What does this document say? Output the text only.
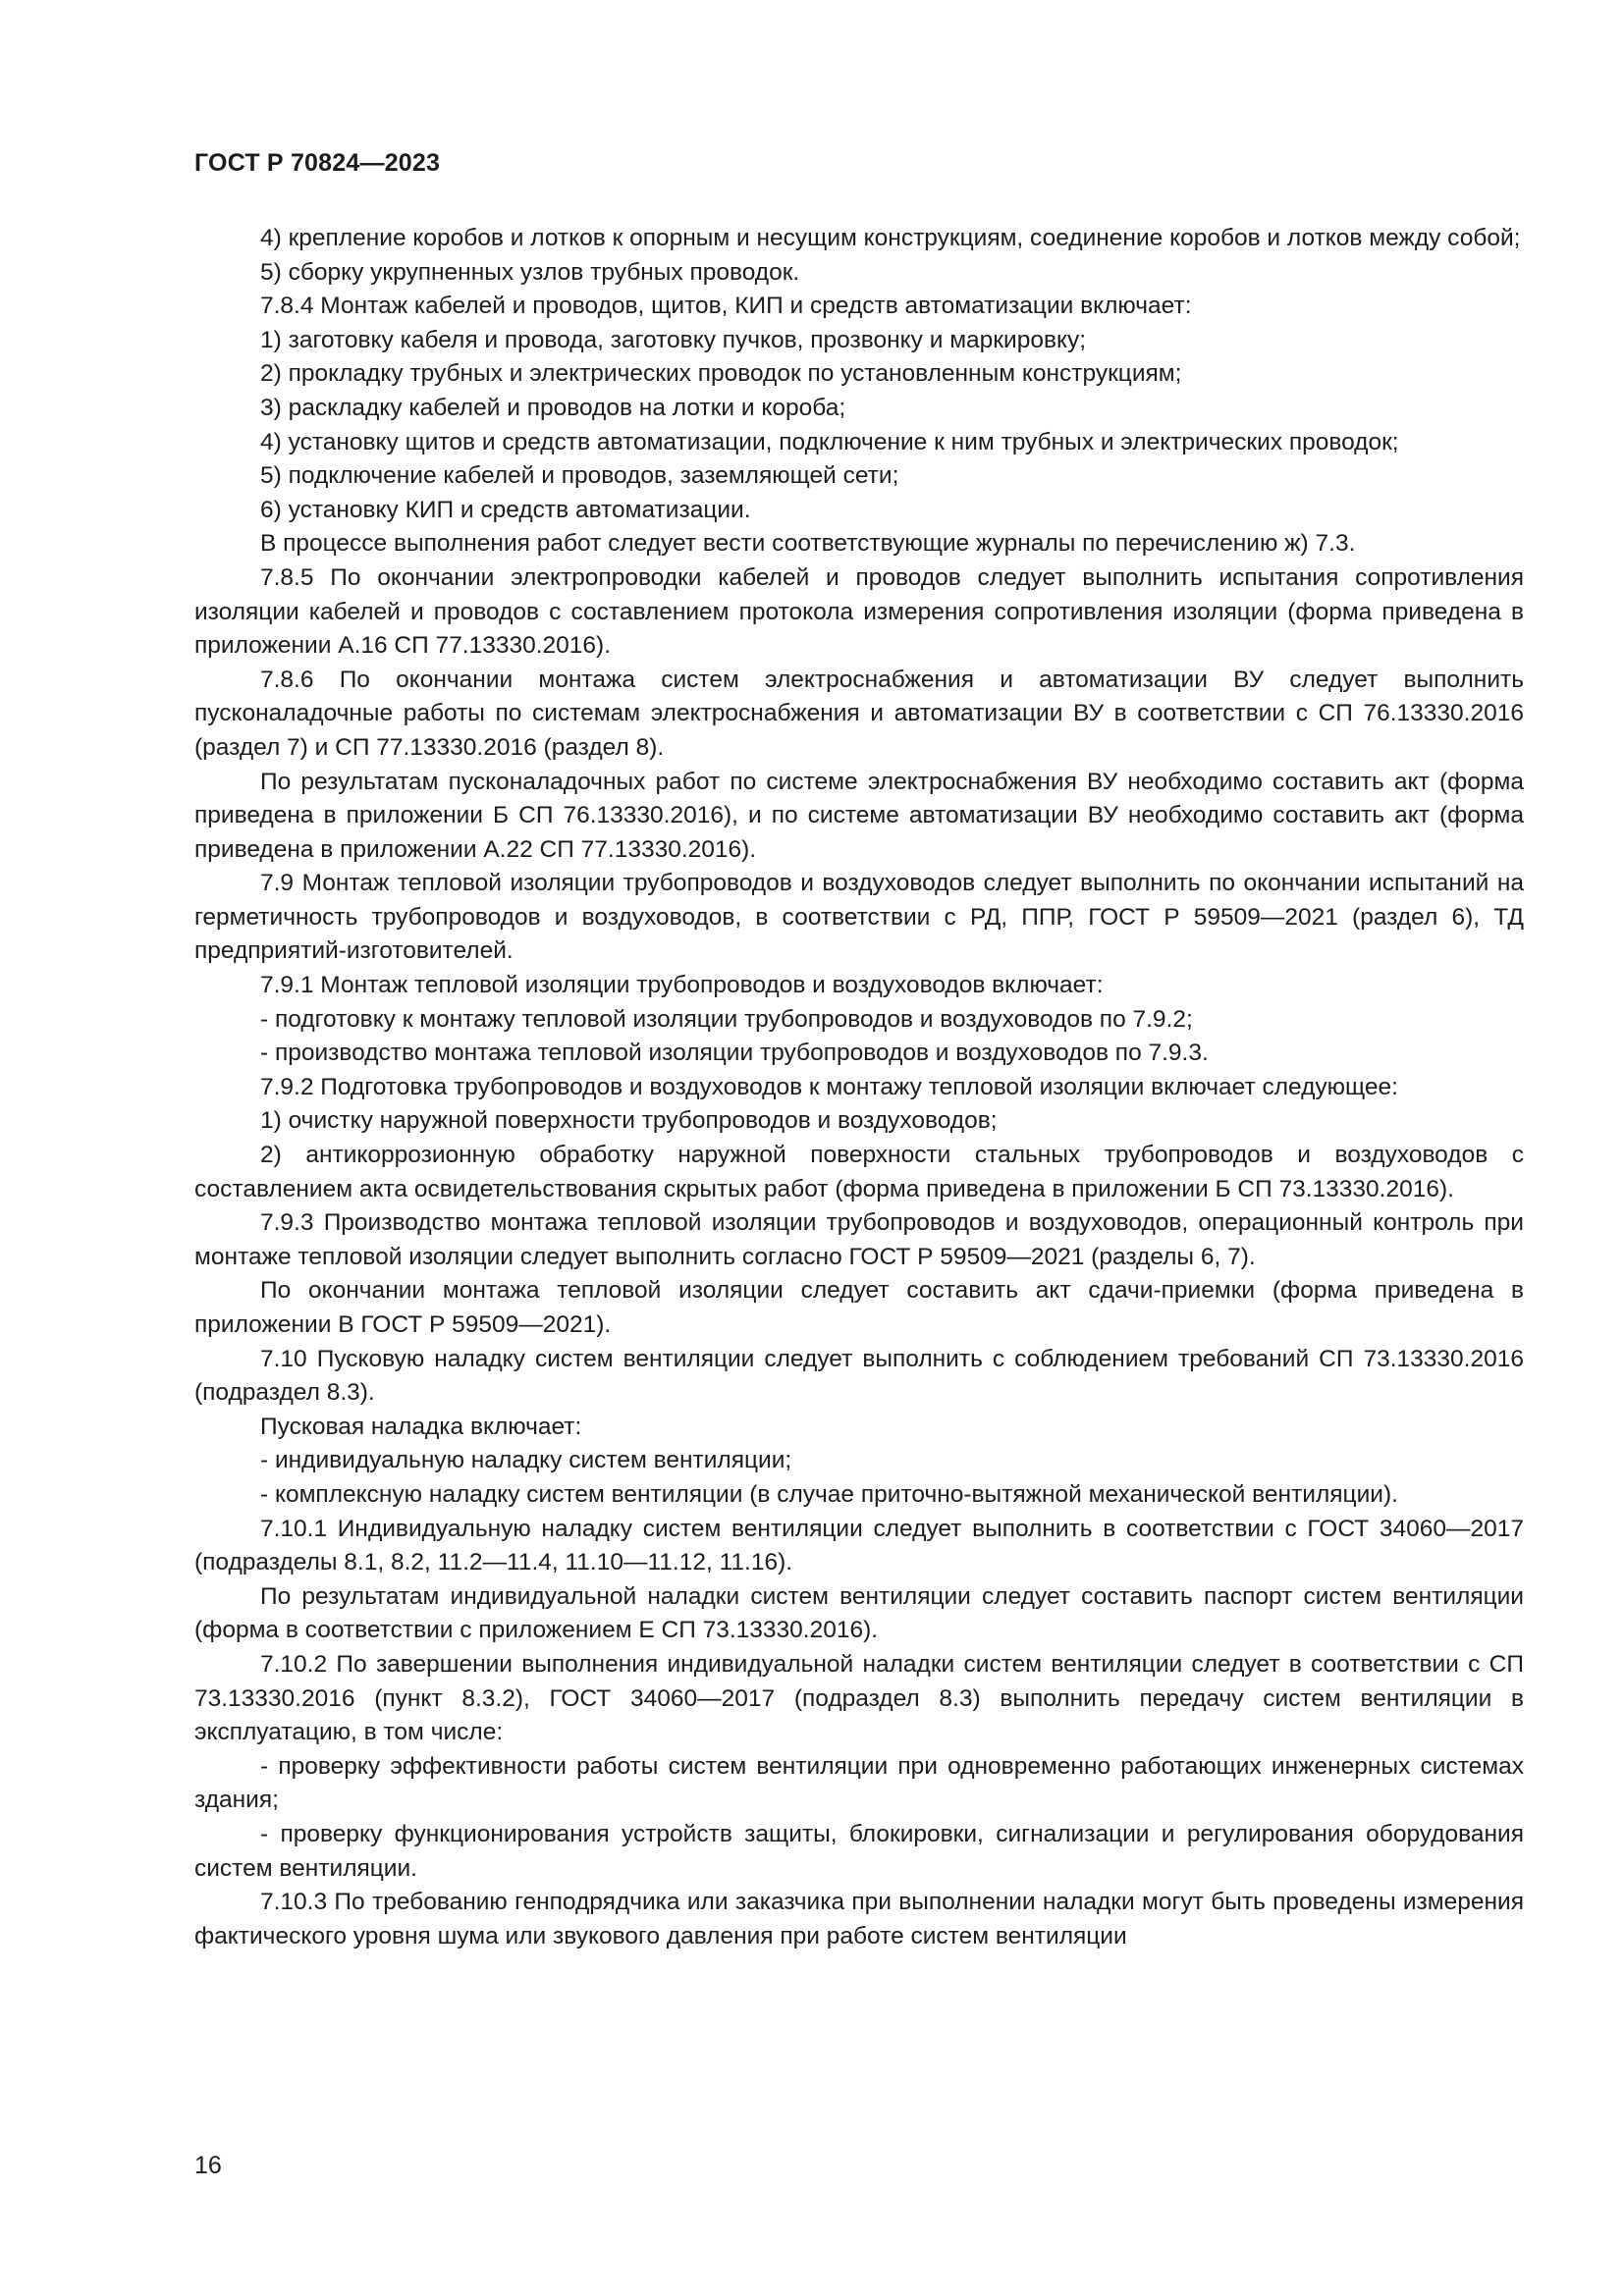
ГОСТ Р 70824—2023

4) крепление коробов и лотков к опорным и несущим конструкциям, соединение коробов и лотков между собой;

5) сборку укрупненных узлов трубных проводок.

7.8.4 Монтаж кабелей и проводов, щитов, КИП и средств автоматизации включает:

1) заготовку кабеля и провода, заготовку пучков, прозвонку и маркировку;

2) прокладку трубных и электрических проводок по установленным конструкциям;

3) раскладку кабелей и проводов на лотки и короба;

4) установку щитов и средств автоматизации, подключение к ним трубных и электрических проводок;

5) подключение кабелей и проводов, заземляющей сети;

6) установку КИП и средств автоматизации.

В процессе выполнения работ следует вести соответствующие журналы по перечислению ж) 7.3.

7.8.5 По окончании электропроводки кабелей и проводов следует выполнить испытания сопротивления изоляции кабелей и проводов с составлением протокола измерения сопротивления изоляции (форма приведена в приложении А.16 СП 77.13330.2016).

7.8.6 По окончании монтажа систем электроснабжения и автоматизации ВУ следует выполнить пусконаладочные работы по системам электроснабжения и автоматизации ВУ в соответствии с СП 76.13330.2016 (раздел 7) и СП 77.13330.2016 (раздел 8).

По результатам пусконаладочных работ по системе электроснабжения ВУ необходимо составить акт (форма приведена в приложении Б СП 76.13330.2016), и по системе автоматизации ВУ необходимо составить акт (форма приведена в приложении А.22 СП 77.13330.2016).

7.9 Монтаж тепловой изоляции трубопроводов и воздуховодов следует выполнить по окончании испытаний на герметичность трубопроводов и воздуховодов, в соответствии с РД, ППР, ГОСТ Р 59509—2021 (раздел 6), ТД предприятий-изготовителей.

7.9.1 Монтаж тепловой изоляции трубопроводов и воздуховодов включает:

- подготовку к монтажу тепловой изоляции трубопроводов и воздуховодов по 7.9.2;

- производство монтажа тепловой изоляции трубопроводов и воздуховодов по 7.9.3.

7.9.2 Подготовка трубопроводов и воздуховодов к монтажу тепловой изоляции включает следующее:

1) очистку наружной поверхности трубопроводов и воздуховодов;

2) антикоррозионную обработку наружной поверхности стальных трубопроводов и воздуховодов с составлением акта освидетельствования скрытых работ (форма приведена в приложении Б СП 73.13330.2016).

7.9.3 Производство монтажа тепловой изоляции трубопроводов и воздуховодов, операционный контроль при монтаже тепловой изоляции следует выполнить согласно ГОСТ Р 59509—2021 (разделы 6, 7).

По окончании монтажа тепловой изоляции следует составить акт сдачи-приемки (форма приведена в приложении В ГОСТ Р 59509—2021).

7.10 Пусковую наладку систем вентиляции следует выполнить с соблюдением требований СП 73.13330.2016 (подраздел 8.3).

Пусковая наладка включает:

- индивидуальную наладку систем вентиляции;

- комплексную наладку систем вентиляции (в случае приточно-вытяжной механической вентиляции).

7.10.1 Индивидуальную наладку систем вентиляции следует выполнить в соответствии с ГОСТ 34060—2017 (подразделы 8.1, 8.2, 11.2—11.4, 11.10—11.12, 11.16).

По результатам индивидуальной наладки систем вентиляции следует составить паспорт систем вентиляции (форма в соответствии с приложением Е СП 73.13330.2016).

7.10.2 По завершении выполнения индивидуальной наладки систем вентиляции следует в соответствии с СП 73.13330.2016 (пункт 8.3.2), ГОСТ 34060—2017 (подраздел 8.3) выполнить передачу систем вентиляции в эксплуатацию, в том числе:

- проверку эффективности работы систем вентиляции при одновременно работающих инженерных системах здания;

- проверку функционирования устройств защиты, блокировки, сигнализации и регулирования оборудования систем вентиляции.

7.10.3 По требованию генподрядчика или заказчика при выполнении наладки могут быть проведены измерения фактического уровня шума или звукового давления при работе систем вентиляции

16
